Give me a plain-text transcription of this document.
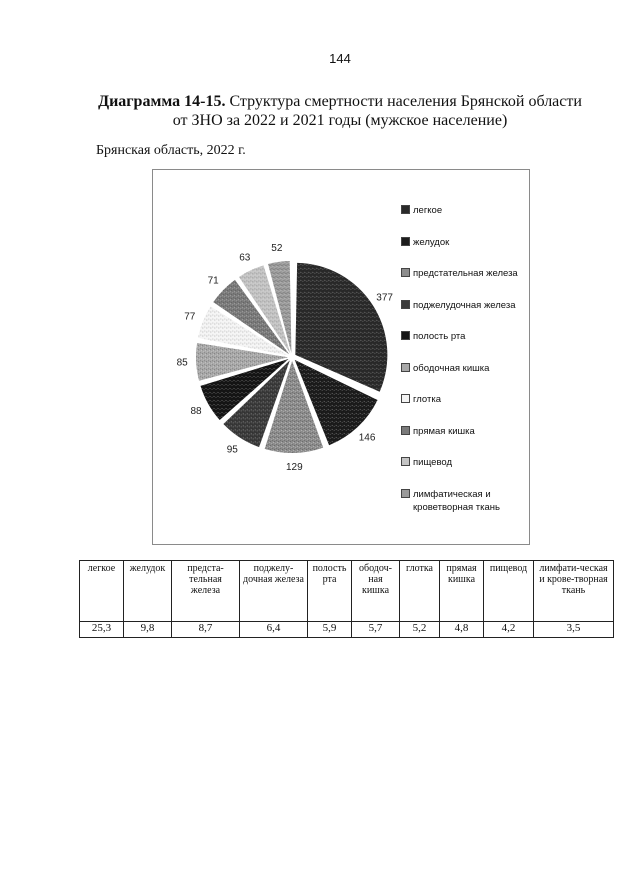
144
Диаграмма 14-15. Структура смертности населения Брянской области
от ЗНО за 2022 и 2021 годы (мужское население)
Брянская область, 2022 г.
377
146
129
95
88
85
77
71
63
52
легкое
желудок
предстательная железа
поджелудочная железа
полость рта
ободочная кишка
глотка
прямая кишка
пищевод
лимфатическая и кроветворная ткань
легкое	желудок	предста-тельная железа	поджелу-дочная железа	полость рта	ободоч-ная кишка	глотка	прямая кишка	пищевод	лимфати-ческая и крове-творная ткань
25,3	9,8	8,7	6,4	5,9	5,7	5,2	4,8	4,2	3,5
